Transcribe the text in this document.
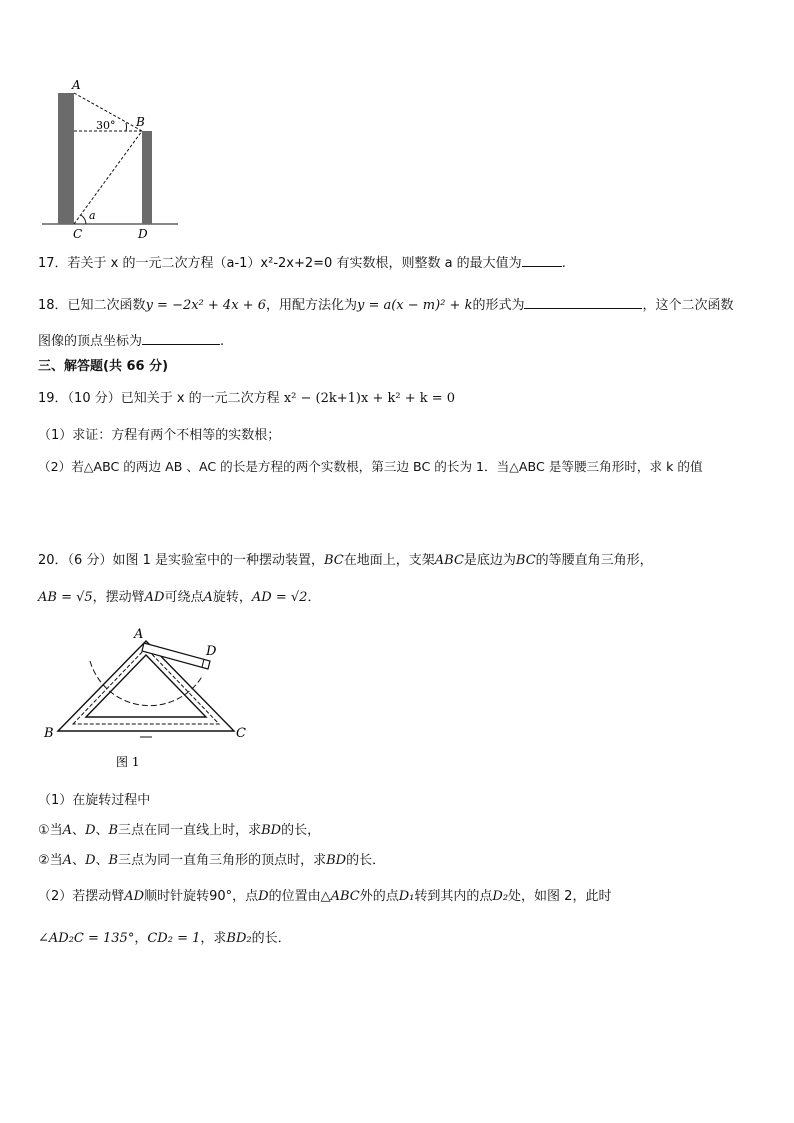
A
B
C	D
30°
a
17．若关于 x 的一元二次方程（a-1）x²-2x+2=0 有实数根，则整数 a 的最大值为	.
18．已知二次函数y = −2x² + 4x + 6，用配方法化为y = a(x − m)² + k的形式为	，这个二次函数
图像的顶点坐标为	.
三、解答题(共 66 分)
19．（10 分）已知关于 x 的一元二次方程 x² − (2k+1)x + k² + k = 0
（1）求证：方程有两个不相等的实数根；
（2）若△ABC 的两边 AB 、AC 的长是方程的两个实数根，第三边 BC 的长为 1．当△ABC 是等腰三角形时，求 k 的值
20．（6 分）如图 1 是实验室中的一种摆动装置，BC在地面上，支架ABC是底边为BC的等腰直角三角形，
AB = √5，摆动臂AD可绕点A旋转，AD = √2．
A
D
B	C
图 1
（1）在旋转过程中
①当A、D、B三点在同一直线上时，求BD的长，
②当A、D、B三点为同一直角三角形的顶点时，求BD的长．
（2）若摆动臂AD顺时针旋转90°，点D的位置由△ABC外的点D₁转到其内的点D₂处，如图 2，此时
∠AD₂C = 135°，CD₂ = 1，求BD₂的长．
